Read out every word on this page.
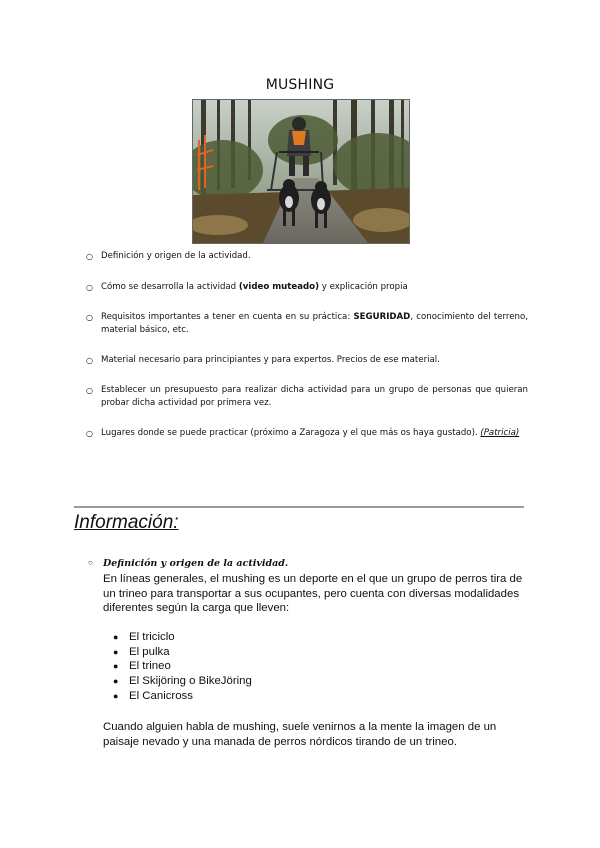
MUSHING
○ Definición y origen de la actividad.
○ Cómo se desarrolla la actividad (video muteado) y explicación propia
○ Requisitos importantes a tener en cuenta en su práctica: SEGURIDAD, conocimiento del terreno, material básico, etc.
○ Material necesario para principiantes y para expertos. Precios de ese material.
○ Establecer un presupuesto para realizar dicha actividad para un grupo de personas que quieran probar dicha actividad por primera vez.
○ Lugares donde se puede practicar (próximo a Zaragoza y el que más os haya gustado). (Patricia)
Información:
○ Definición y origen de la actividad.
En líneas generales, el mushing es un deporte en el que un grupo de perros tira de un trineo para transportar a sus ocupantes, pero cuenta con diversas modalidades diferentes según la carga que lleven:
● El triciclo
● El pulka
● El trineo
● El Skijöring o BikeJöring
● El Canicross
Cuando alguien habla de mushing, suele venirnos a la mente la imagen de un paisaje nevado y una manada de perros nórdicos tirando de un trineo.
